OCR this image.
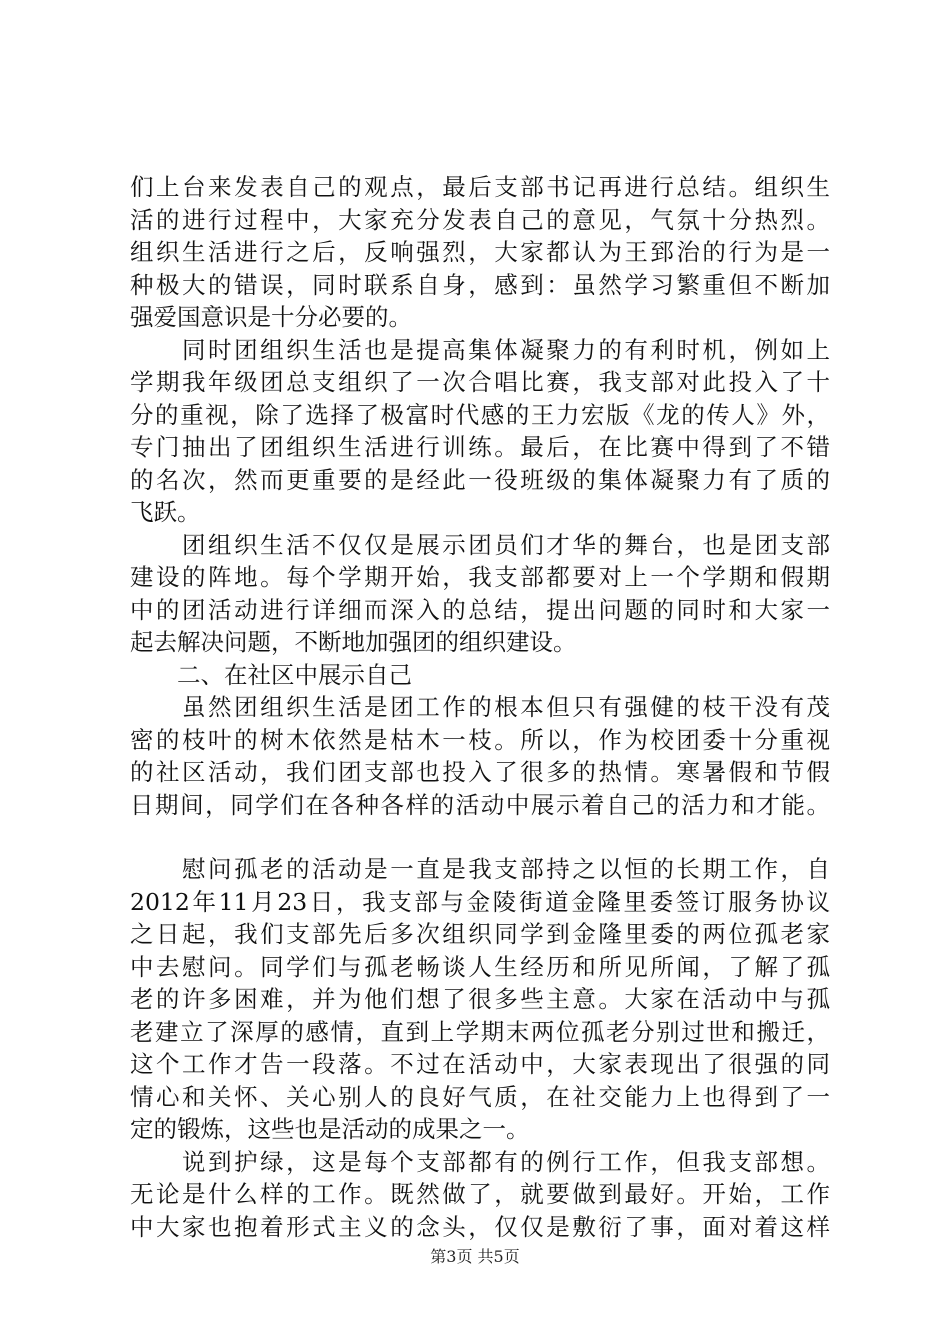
们上台来发表自己的观点，最后支部书记再进行总结。组织生
活的进行过程中，大家充分发表自己的意见，气氛十分热烈。
组织生活进行之后，反响强烈，大家都认为王郅治的行为是一
种极大的错误，同时联系自身，感到：虽然学习繁重但不断加
强爱国意识是十分必要的。
　　同时团组织生活也是提高集体凝聚力的有利时机，例如上
学期我年级团总支组织了一次合唱比赛，我支部对此投入了十
分的重视，除了选择了极富时代感的王力宏版《龙的传人》外，
专门抽出了团组织生活进行训练。最后，在比赛中得到了不错
的名次，然而更重要的是经此一役班级的集体凝聚力有了质的
飞跃。
　　团组织生活不仅仅是展示团员们才华的舞台，也是团支部
建设的阵地。每个学期开始，我支部都要对上一个学期和假期
中的团活动进行详细而深入的总结，提出问题的同时和大家一
起去解决问题，不断地加强团的组织建设。
　　二、在社区中展示自己
　　虽然团组织生活是团工作的根本但只有强健的枝干没有茂
密的枝叶的树木依然是枯木一枝。所以，作为校团委十分重视
的社区活动，我们团支部也投入了很多的热情。寒暑假和节假
日期间，同学们在各种各样的活动中展示着自己的活力和才能。
　　慰问孤老的活动是一直是我支部持之以恒的长期工作，自
2012年11月23日，我支部与金陵街道金隆里委签订服务协议
之日起，我们支部先后多次组织同学到金隆里委的两位孤老家
中去慰问。同学们与孤老畅谈人生经历和所见所闻，了解了孤
老的许多困难，并为他们想了很多些主意。大家在活动中与孤
老建立了深厚的感情，直到上学期末两位孤老分别过世和搬迁，
这个工作才告一段落。不过在活动中，大家表现出了很强的同
情心和关怀、关心别人的良好气质，在社交能力上也得到了一
定的锻炼，这些也是活动的成果之一。
　　说到护绿，这是每个支部都有的例行工作，但我支部想。
无论是什么样的工作。既然做了，就要做到最好。开始，工作
中大家也抱着形式主义的念头，仅仅是敷衍了事，面对着这样
第3页 共5页
